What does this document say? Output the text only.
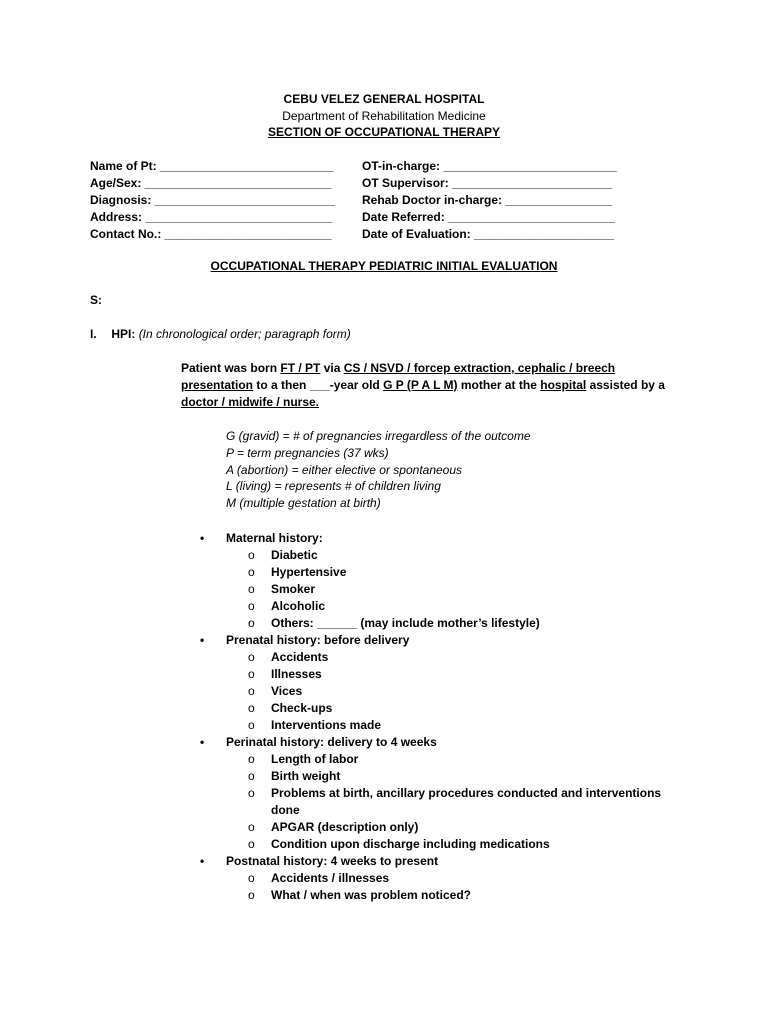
CEBU VELEZ GENERAL HOSPITAL
Department of Rehabilitation Medicine
SECTION OF OCCUPATIONAL THERAPY
Name of Pt: __________________________
Age/Sex: ____________________________
Diagnosis: ___________________________
Address: ____________________________
Contact No.: _________________________
OT-in-charge: __________________________
OT Supervisor: ________________________
Rehab Doctor in-charge: ________________
Date Referred: _________________________
Date of Evaluation: _____________________
OCCUPATIONAL THERAPY PEDIATRIC INITIAL EVALUATION
S:
I. HPI: (In chronological order; paragraph form)
Patient was born FT / PT via CS / NSVD / forcep extraction, cephalic / breech presentation to a then ___-year old G P (P A L M) mother at the hospital assisted by a doctor / midwife / nurse.
G (gravid) = # of pregnancies irregardless of the outcome
P = term pregnancies (37 wks)
A (abortion) = either elective or spontaneous
L (living) = represents # of children living
M (multiple gestation at birth)
• Maternal history:
o Diabetic
o Hypertensive
o Smoker
o Alcoholic
o Others: ______ (may include mother’s lifestyle)
• Prenatal history: before delivery
o Accidents
o Illnesses
o Vices
o Check-ups
o Interventions made
• Perinatal history: delivery to 4 weeks
o Length of labor
o Birth weight
o Problems at birth, ancillary procedures conducted and interventions done
o APGAR (description only)
o Condition upon discharge including medications
• Postnatal history: 4 weeks to present
o Accidents / illnesses
o What / when was problem noticed?
